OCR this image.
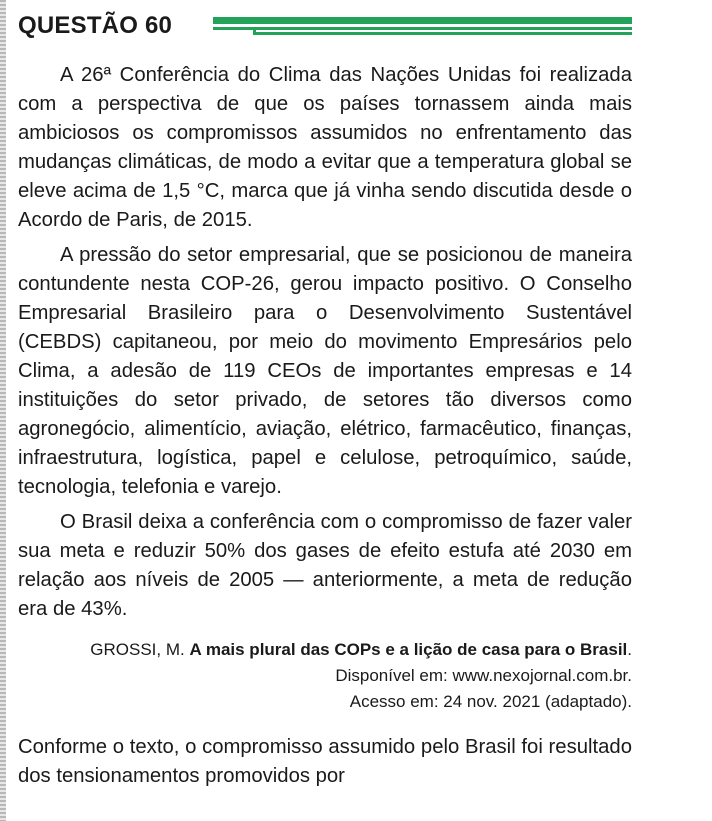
QUESTÃO 60

A 26ª Conferência do Clima das Nações Unidas foi realizada com a perspectiva de que os países tornassem ainda mais ambiciosos os compromissos assumidos no enfrentamento das mudanças climáticas, de modo a evitar que a temperatura global se eleve acima de 1,5 °C, marca que já vinha sendo discutida desde o Acordo de Paris, de 2015.

A pressão do setor empresarial, que se posicionou de maneira contundente nesta COP-26, gerou impacto positivo. O Conselho Empresarial Brasileiro para o Desenvolvimento Sustentável (CEBDS) capitaneou, por meio do movimento Empresários pelo Clima, a adesão de 119 CEOs de importantes empresas e 14 instituições do setor privado, de setores tão diversos como agronegócio, alimentício, aviação, elétrico, farmacêutico, finanças, infraestrutura, logística, papel e celulose, petroquímico, saúde, tecnologia, telefonia e varejo.

O Brasil deixa a conferência com o compromisso de fazer valer sua meta e reduzir 50% dos gases de efeito estufa até 2030 em relação aos níveis de 2005 — anteriormente, a meta de redução era de 43%.

GROSSI, M. A mais plural das COPs e a lição de casa para o Brasil.
Disponível em: www.nexojornal.com.br.
Acesso em: 24 nov. 2021 (adaptado).
Conforme o texto, o compromisso assumido pelo Brasil foi resultado dos tensionamentos promovidos por
